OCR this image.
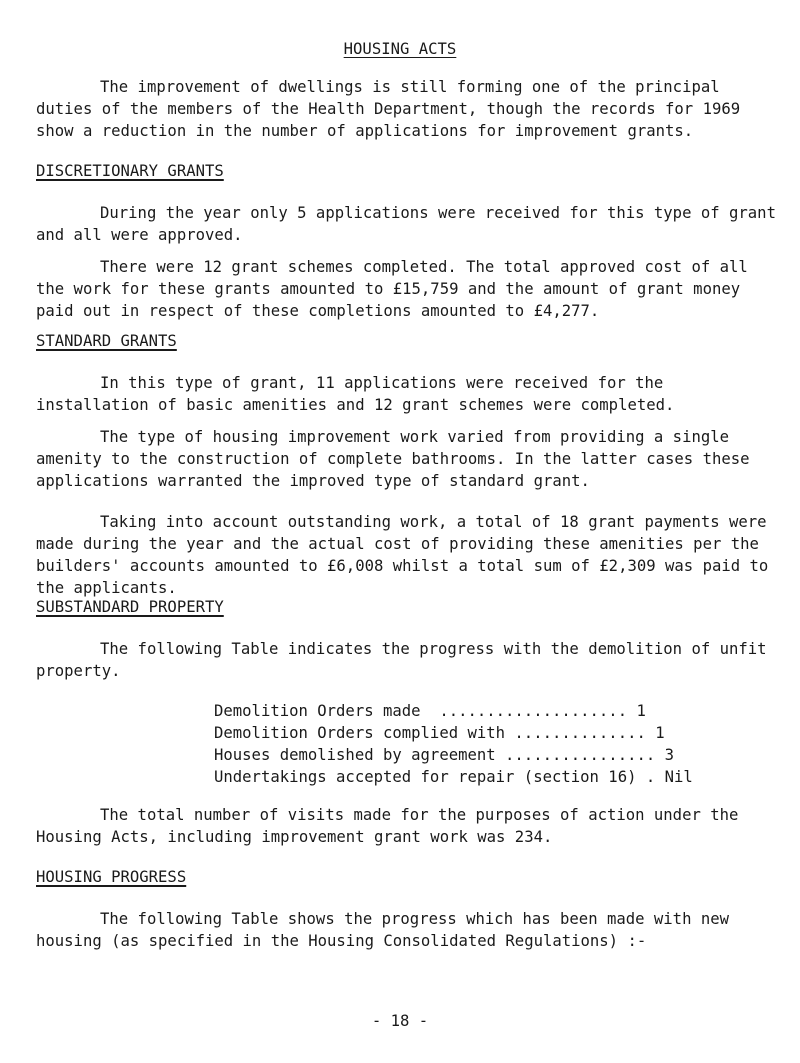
HOUSING ACTS

The improvement of dwellings is still forming one of the principal duties of the members of the Health Department, though the records for 1969 show a reduction in the number of applications for improvement grants.

DISCRETIONARY GRANTS

During the year only 5 applications were received for this type of grant and all were approved.

There were 12 grant schemes completed. The total approved cost of all the work for these grants amounted to £15,759 and the amount of grant money paid out in respect of these completions amounted to £4,277.

STANDARD GRANTS

In this type of grant, 11 applications were received for the installation of basic amenities and 12 grant schemes were completed.

The type of housing improvement work varied from providing a single amenity to the construction of complete bathrooms. In the latter cases these applications warranted the improved type of standard grant.

Taking into account outstanding work, a total of 18 grant payments were made during the year and the actual cost of providing these amenities per the builders' accounts amounted to £6,008 whilst a total sum of £2,309 was paid to the applicants.

SUBSTANDARD PROPERTY

The following Table indicates the progress with the demolition of unfit property.

Demolition Orders made  .................... 1
Demolition Orders complied with .............. 1
Houses demolished by agreement ................ 3
Undertakings accepted for repair (section 16) . Nil

The total number of visits made for the purposes of action under the Housing Acts, including improvement grant work was 234.

HOUSING PROGRESS

The following Table shows the progress which has been made with new housing (as specified in the Housing Consolidated Regulations) :-

- 18 -
